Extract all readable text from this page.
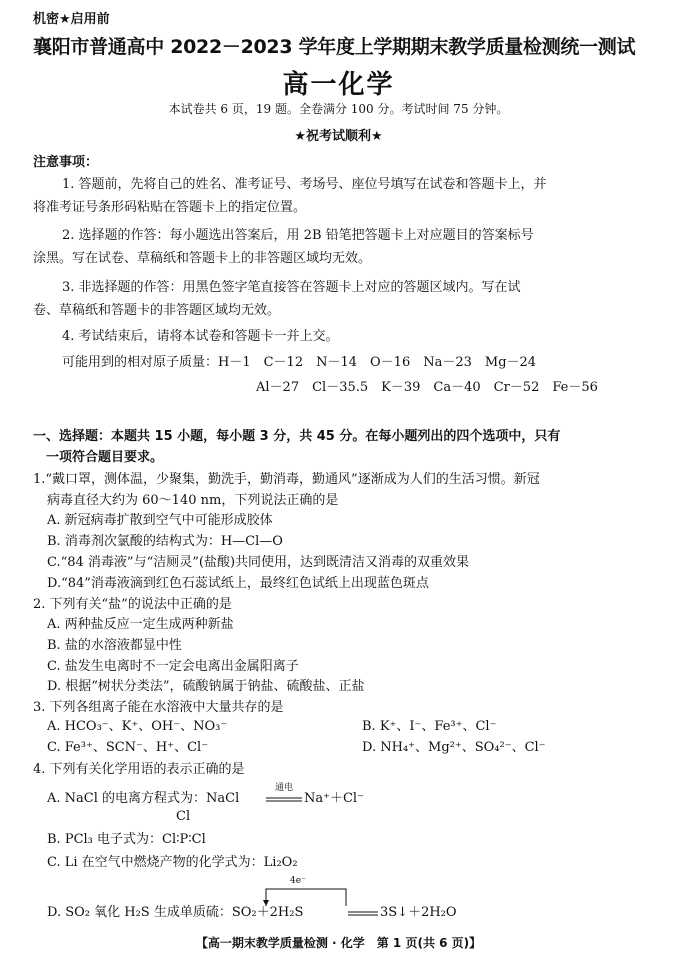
机密★启用前
襄阳市普通高中 2022－2023 学年度上学期期末教学质量检测统一测试
高一化学
本试卷共 6 页，19 题。全卷满分 100 分。考试时间 75 分钟。
★祝考试顺利★
注意事项：
1. 答题前，先将自己的姓名、准考证号、考场号、座位号填写在试卷和答题卡上，并
将准考证号条形码粘贴在答题卡上的指定位置。
2. 选择题的作答：每小题选出答案后，用 2B 铅笔把答题卡上对应题目的答案标号
涂黑。写在试卷、草稿纸和答题卡上的非答题区域均无效。
3. 非选择题的作答：用黑色签字笔直接答在答题卡上对应的答题区域内。写在试
卷、草稿纸和答题卡的非答题区域均无效。
4. 考试结束后，请将本试卷和答题卡一并上交。
可能用到的相对原子质量：H－1　C－12　N－14　O－16　Na－23　Mg－24
Al－27　Cl－35.5　K－39　Ca－40　Cr－52　Fe－56
一、选择题：本题共 15 小题，每小题 3 分，共 45 分。在每小题列出的四个选项中，只有
一项符合题目要求。
1.“戴口罩，测体温，少聚集，勤洗手，勤消毒，勤通风”逐渐成为人们的生活习惯。新冠
病毒直径大约为 60～140 nm，下列说法正确的是
A. 新冠病毒扩散到空气中可能形成胶体
B. 消毒剂次氯酸的结构式为：H—Cl—O
C.“84 消毒液”与“洁厕灵”(盐酸)共同使用，达到既清洁又消毒的双重效果
D.“84”消毒液滴到红色石蕊试纸上，最终红色试纸上出现蓝色斑点
2. 下列有关“盐”的说法中正确的是
A. 两种盐反应一定生成两种新盐
B. 盐的水溶液都显中性
C. 盐发生电离时不一定会电离出金属阳离子
D. 根据“树状分类法”，硫酸钠属于钠盐、硫酸盐、正盐
3. 下列各组离子能在水溶液中大量共存的是
A. HCO₃⁻、K⁺、OH⁻、NO₃⁻	B. K⁺、I⁻、Fe³⁺、Cl⁻
C. Fe³⁺、SCN⁻、H⁺、Cl⁻	D. NH₄⁺、Mg²⁺、SO₄²⁻、Cl⁻
4. 下列有关化学用语的表示正确的是
A. NaCl 的电离方程式为：NaCl
通电
Na⁺＋Cl⁻
Cl
B. PCl₃ 电子式为：Cl∶P∶Cl
C. Li 在空气中燃烧产物的化学式为：Li₂O₂
4e⁻
D. SO₂ 氧化 H₂S 生成单质硫：SO₂＋2H₂S	3S↓＋2H₂O
【高一期末教学质量检测 · 化学　第 1 页(共 6 页)】
